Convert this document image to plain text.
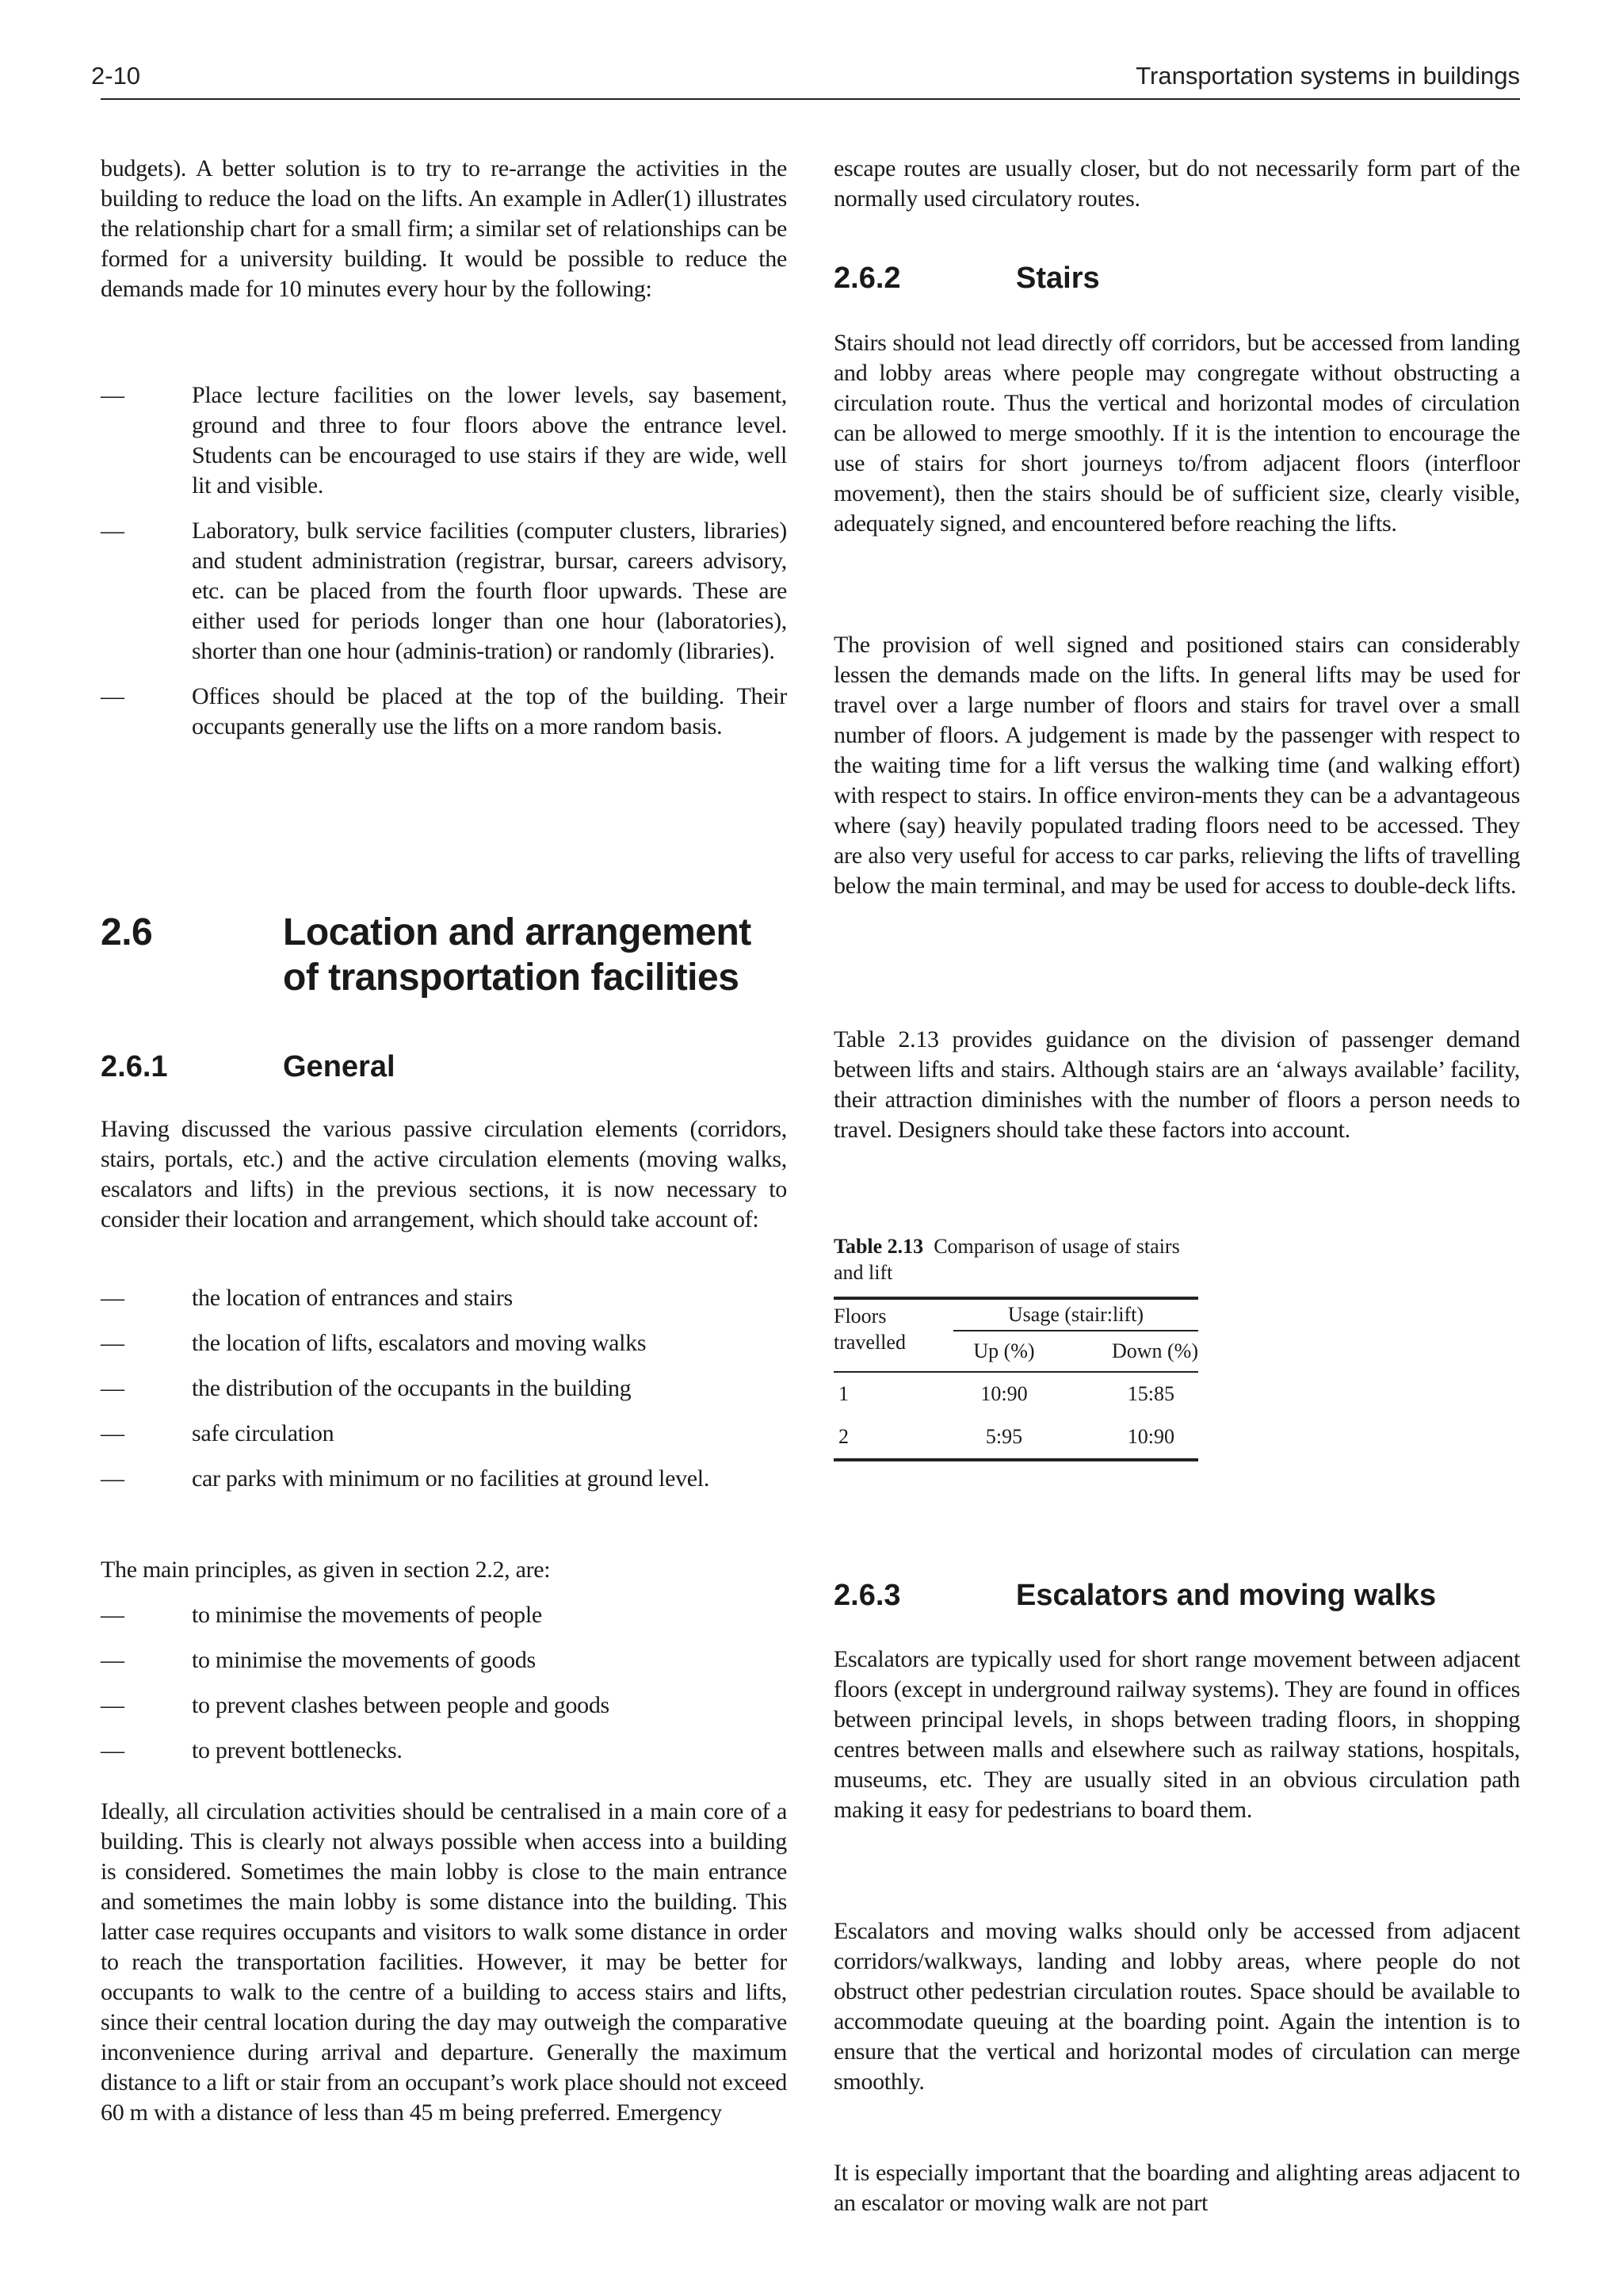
2-10	Transportation systems in buildings

budgets). A better solution is to try to re-arrange the activities in the building to reduce the load on the lifts. An example in Adler(1) illustrates the relationship chart for a small firm; a similar set of relationships can be formed for a university building. It would be possible to reduce the demands made for 10 minutes every hour by the following:

—	Place lecture facilities on the lower levels, say basement, ground and three to four floors above the entrance level. Students can be encouraged to use stairs if they are wide, well lit and visible.
—	Laboratory, bulk service facilities (computer clusters, libraries) and student administration (registrar, bursar, careers advisory, etc. can be placed from the fourth floor upwards. These are either used for periods longer than one hour (laboratories), shorter than one hour (adminis-tration) or randomly (libraries).
—	Offices should be placed at the top of the building. Their occupants generally use the lifts on a more random basis.
2.6	Location and arrangement
of transportation facilities
2.6.1	General

Having discussed the various passive circulation elements (corridors, stairs, portals, etc.) and the active circulation elements (moving walks, escalators and lifts) in the previous sections, it is now necessary to consider their location and arrangement, which should take account of:

—	the location of entrances and stairs
—	the location of lifts, escalators and moving walks
—	the distribution of the occupants in the building
—	safe circulation
—	car parks with minimum or no facilities at ground level.

The main principles, as given in section 2.2, are:

—	to minimise the movements of people
—	to minimise the movements of goods
—	to prevent clashes between people and goods
—	to prevent bottlenecks.

Ideally, all circulation activities should be centralised in a main core of a building. This is clearly not always possible when access into a building is considered. Sometimes the main lobby is close to the main entrance and sometimes the main lobby is some distance into the building. This latter case requires occupants and visitors to walk some distance in order to reach the transportation facilities. However, it may be better for occupants to walk to the centre of a building to access stairs and lifts, since their central location during the day may outweigh the comparative inconvenience during arrival and departure. Generally the maximum distance to a lift or stair from an occupant’s work place should not exceed 60 m with a distance of less than 45 m being preferred. Emergency

escape routes are usually closer, but do not necessarily form part of the normally used circulatory routes.

2.6.2	Stairs

Stairs should not lead directly off corridors, but be accessed from landing and lobby areas where people may congregate without obstructing a circulation route. Thus the vertical and horizontal modes of circulation can be allowed to merge smoothly. If it is the intention to encourage the use of stairs for short journeys to/from adjacent floors (interfloor movement), then the stairs should be of sufficient size, clearly visible, adequately signed, and encountered before reaching the lifts.

The provision of well signed and positioned stairs can considerably lessen the demands made on the lifts. In general lifts may be used for travel over a large number of floors and stairs for travel over a small number of floors. A judgement is made by the passenger with respect to the waiting time for a lift versus the walking time (and walking effort) with respect to stairs. In office environ-ments they can be a advantageous where (say) heavily populated trading floors need to be accessed. They are also very useful for access to car parks, relieving the lifts of travelling below the main terminal, and may be used for access to double-deck lifts.

Table 2.13 provides guidance on the division of passenger demand between lifts and stairs. Although stairs are an ‘always available’ facility, their attraction diminishes with the number of floors a person needs to travel. Designers should take these factors into account.

Table 2.13 Comparison of usage of stairs and lift
Floors
travelled	Usage (stair:lift)	
	Up (%)	Down (%)

1	10:90	15:85
2	5:95	10:90
2.6.3	Escalators and moving walks

Escalators are typically used for short range movement between adjacent floors (except in underground railway systems). They are found in offices between principal levels, in shops between trading floors, in shopping centres between malls and elsewhere such as railway stations, hospitals, museums, etc. They are usually sited in an obvious circulation path making it easy for pedestrians to board them.

Escalators and moving walks should only be accessed from adjacent corridors/walkways, landing and lobby areas, where people do not obstruct other pedestrian circulation routes. Space should be available to accommodate queuing at the boarding point. Again the intention is to ensure that the vertical and horizontal modes of circulation can merge smoothly.

It is especially important that the boarding and alighting areas adjacent to an escalator or moving walk are not part
